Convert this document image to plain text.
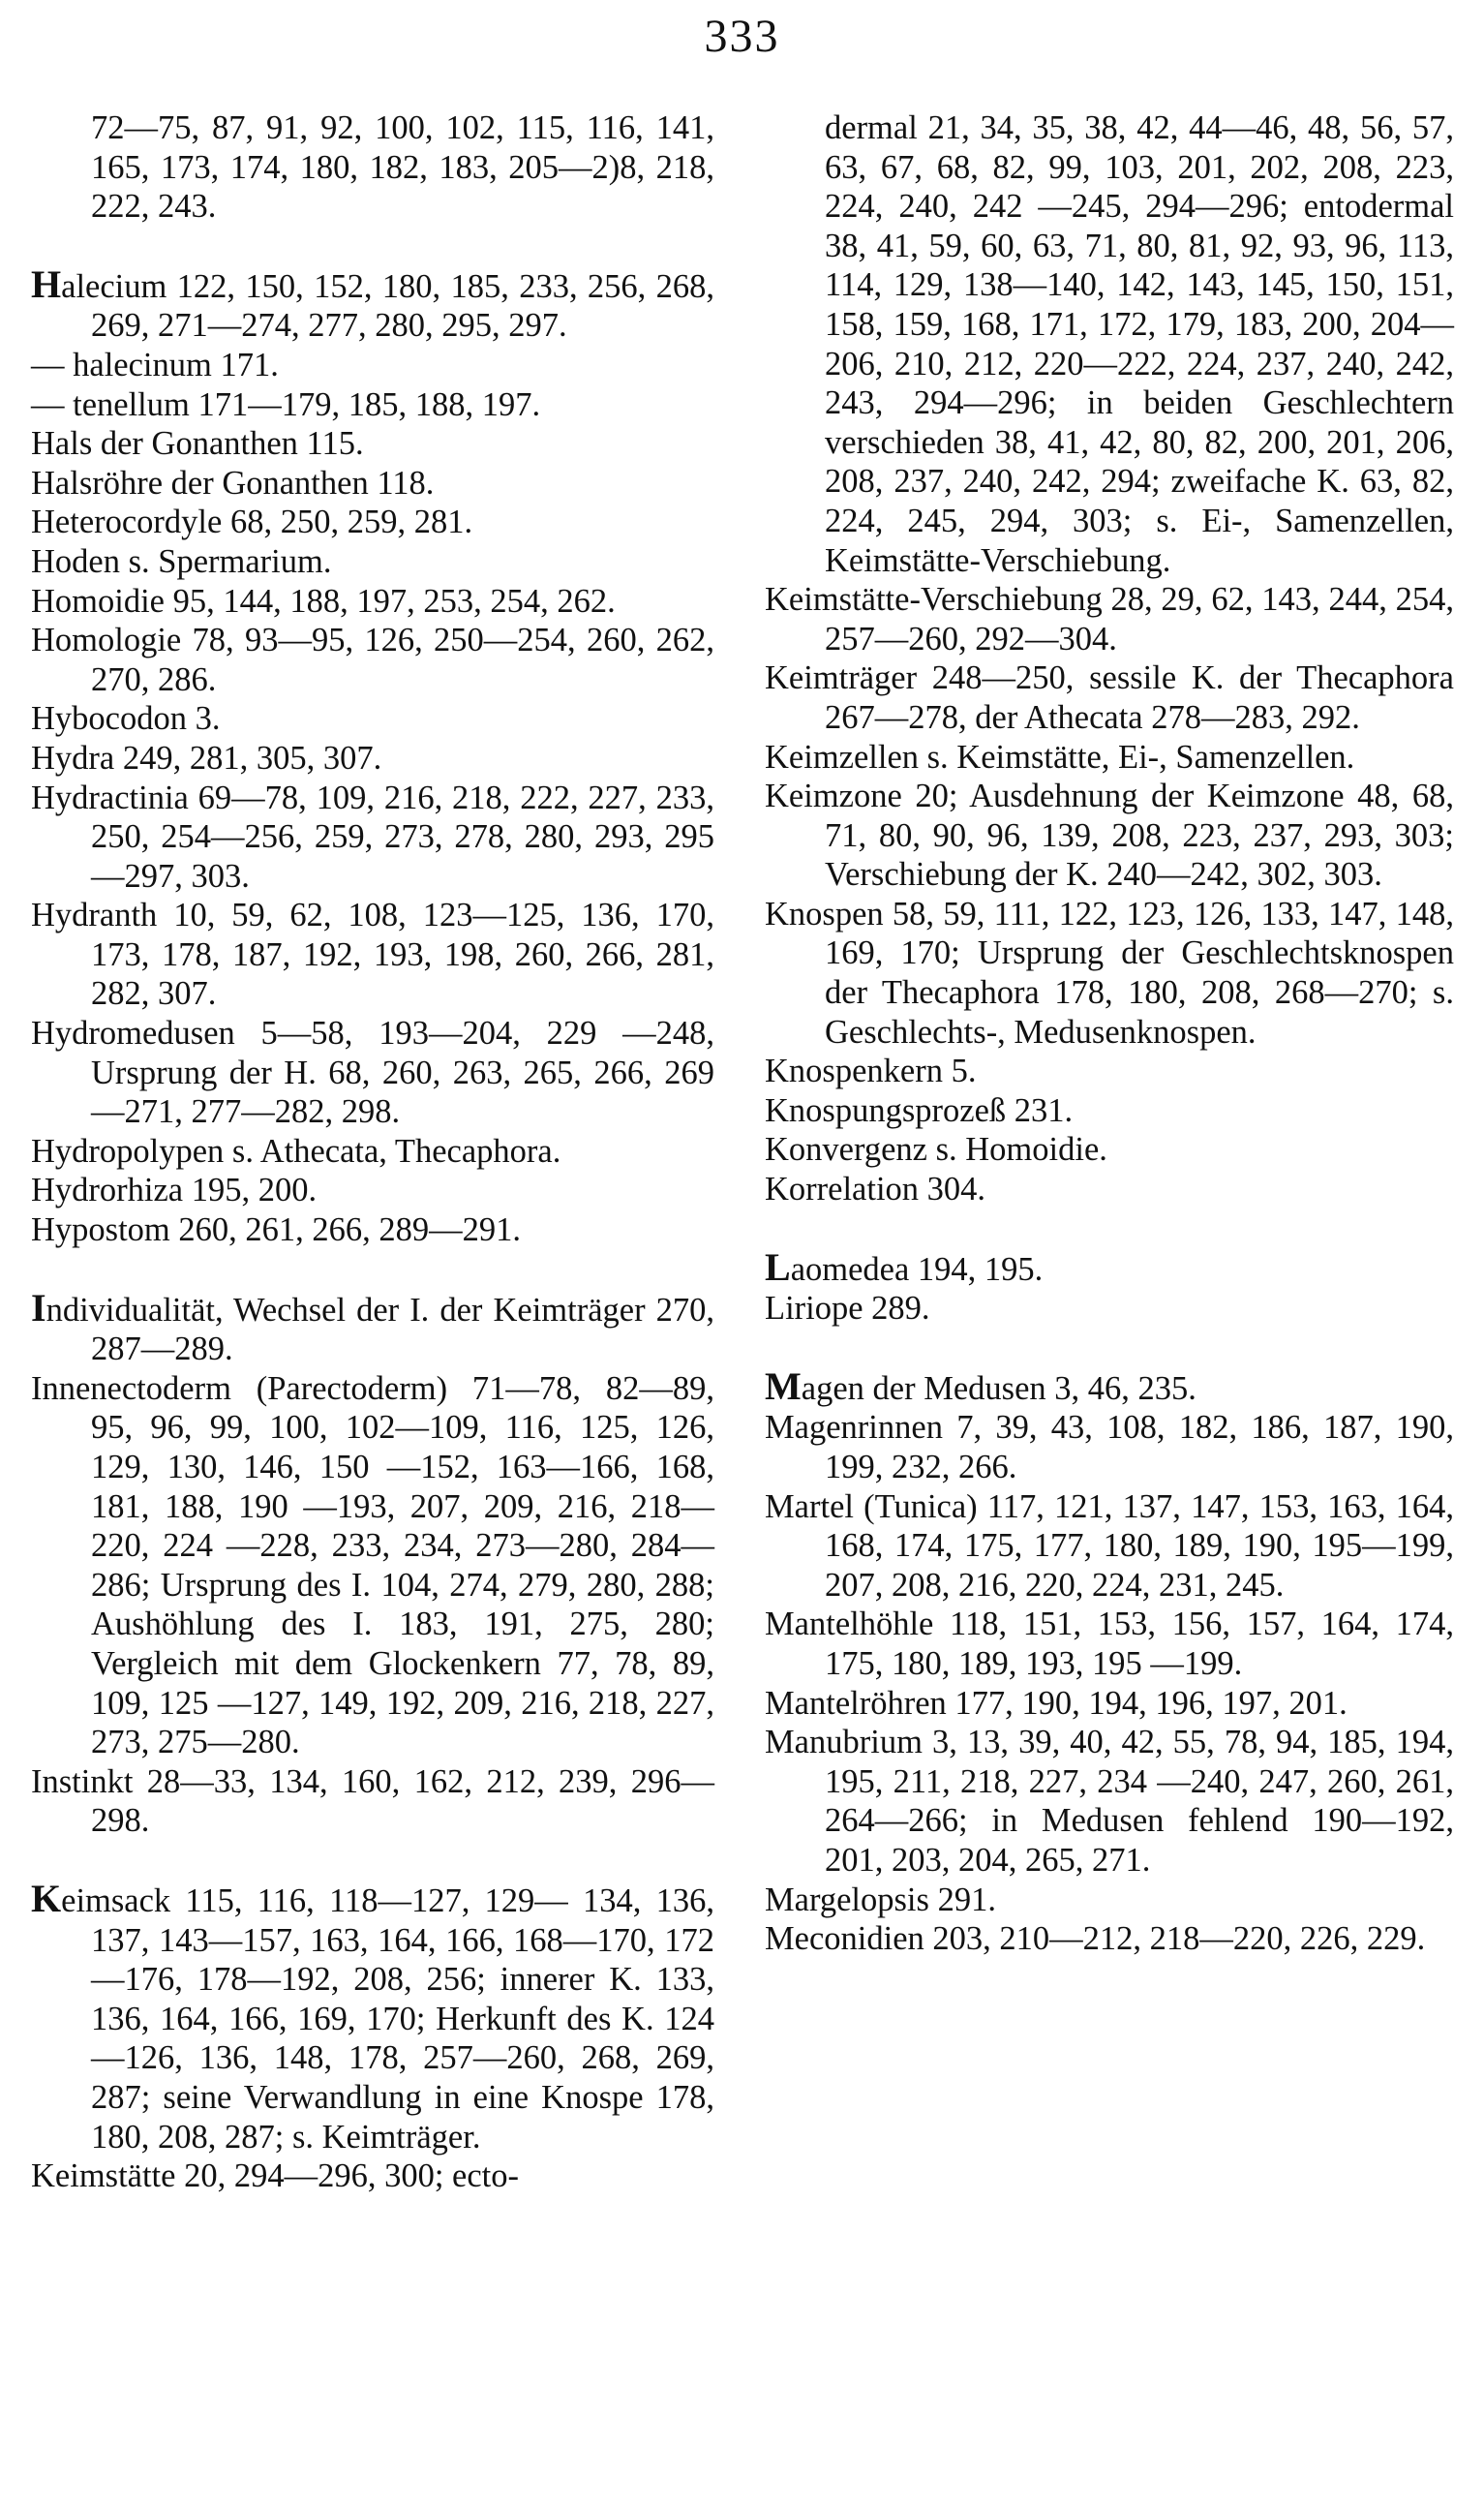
333

72—75, 87, 91, 92, 100, 102, 115, 116, 141, 165, 173, 174, 180, 182, 183, 205—2)8, 218, 222, 243.

Halecium 122, 150, 152, 180, 185, 233, 256, 268, 269, 271—274, 277, 280, 295, 297.

— halecinum 171.

— tenellum 171—179, 185, 188, 197.

Hals der Gonanthen 115.

Halsröhre der Gonanthen 118.

Heterocordyle 68, 250, 259, 281.

Hoden s. Spermarium.

Homoidie 95, 144, 188, 197, 253, 254, 262.

Homologie 78, 93—95, 126, 250—254, 260, 262, 270, 286.

Hybocodon 3.

Hydra 249, 281, 305, 307.

Hydractinia 69—78, 109, 216, 218, 222, 227, 233, 250, 254—256, 259, 273, 278, 280, 293, 295—297, 303.

Hydranth 10, 59, 62, 108, 123—125, 136, 170, 173, 178, 187, 192, 193, 198, 260, 266, 281, 282, 307.

Hydromedusen 5—58, 193—204, 229 —248, Ursprung der H. 68, 260, 263, 265, 266, 269—271, 277—282, 298.

Hydropolypen s. Athecata, Thecaphora.

Hydrorhiza 195, 200.

Hypostom 260, 261, 266, 289—291.

Individualität, Wechsel der I. der Keimträger 270, 287—289.

Innenectoderm (Parectoderm) 71—78, 82—89, 95, 96, 99, 100, 102—109, 116, 125, 126, 129, 130, 146, 150 —152, 163—166, 168, 181, 188, 190 —193, 207, 209, 216, 218—220, 224 —228, 233, 234, 273—280, 284— 286; Ursprung des I. 104, 274, 279, 280, 288; Aushöhlung des I. 183, 191, 275, 280; Vergleich mit dem Glockenkern 77, 78, 89, 109, 125 —127, 149, 192, 209, 216, 218, 227, 273, 275—280.

Instinkt 28—33, 134, 160, 162, 212, 239, 296—298.

Keimsack 115, 116, 118—127, 129— 134, 136, 137, 143—157, 163, 164, 166, 168—170, 172—176, 178—192, 208, 256; innerer K. 133, 136, 164, 166, 169, 170; Herkunft des K. 124 —126, 136, 148, 178, 257—260, 268, 269, 287; seine Verwandlung in eine Knospe 178, 180, 208, 287; s. Keimträger.

Keimstätte 20, 294—296, 300; ecto-

dermal 21, 34, 35, 38, 42, 44—46, 48, 56, 57, 63, 67, 68, 82, 99, 103, 201, 202, 208, 223, 224, 240, 242 —245, 294—296; entodermal 38, 41, 59, 60, 63, 71, 80, 81, 92, 93, 96, 113, 114, 129, 138—140, 142, 143, 145, 150, 151, 158, 159, 168, 171, 172, 179, 183, 200, 204—206, 210, 212, 220—222, 224, 237, 240, 242, 243, 294—296; in beiden Geschlechtern verschieden 38, 41, 42, 80, 82, 200, 201, 206, 208, 237, 240, 242, 294; zweifache K. 63, 82, 224, 245, 294, 303; s. Ei-, Samenzellen, Keimstätte-Verschiebung.

Keimstätte-Verschiebung 28, 29, 62, 143, 244, 254, 257—260, 292—304.

Keimträger 248—250, sessile K. der Thecaphora 267—278, der Athecata 278—283, 292.

Keimzellen s. Keimstätte, Ei-, Samenzellen.

Keimzone 20; Ausdehnung der Keimzone 48, 68, 71, 80, 90, 96, 139, 208, 223, 237, 293, 303; Verschiebung der K. 240—242, 302, 303.

Knospen 58, 59, 111, 122, 123, 126, 133, 147, 148, 169, 170; Ursprung der Geschlechtsknospen der Thecaphora 178, 180, 208, 268—270; s. Geschlechts-, Medusenknospen.

Knospenkern 5.

Knospungsprozeß 231.

Konvergenz s. Homoidie.

Korrelation 304.

Laomedea 194, 195.

Liriope 289.

Magen der Medusen 3, 46, 235.

Magenrinnen 7, 39, 43, 108, 182, 186, 187, 190, 199, 232, 266.

Martel (Tunica) 117, 121, 137, 147, 153, 163, 164, 168, 174, 175, 177, 180, 189, 190, 195—199, 207, 208, 216, 220, 224, 231, 245.

Mantelhöhle 118, 151, 153, 156, 157, 164, 174, 175, 180, 189, 193, 195 —199.

Mantelröhren 177, 190, 194, 196, 197, 201.

Manubrium 3, 13, 39, 40, 42, 55, 78, 94, 185, 194, 195, 211, 218, 227, 234 —240, 247, 260, 261, 264—266; in Medusen fehlend 190—192, 201, 203, 204, 265, 271.

Margelopsis 291.

Meconidien 203, 210—212, 218—220, 226, 229.
